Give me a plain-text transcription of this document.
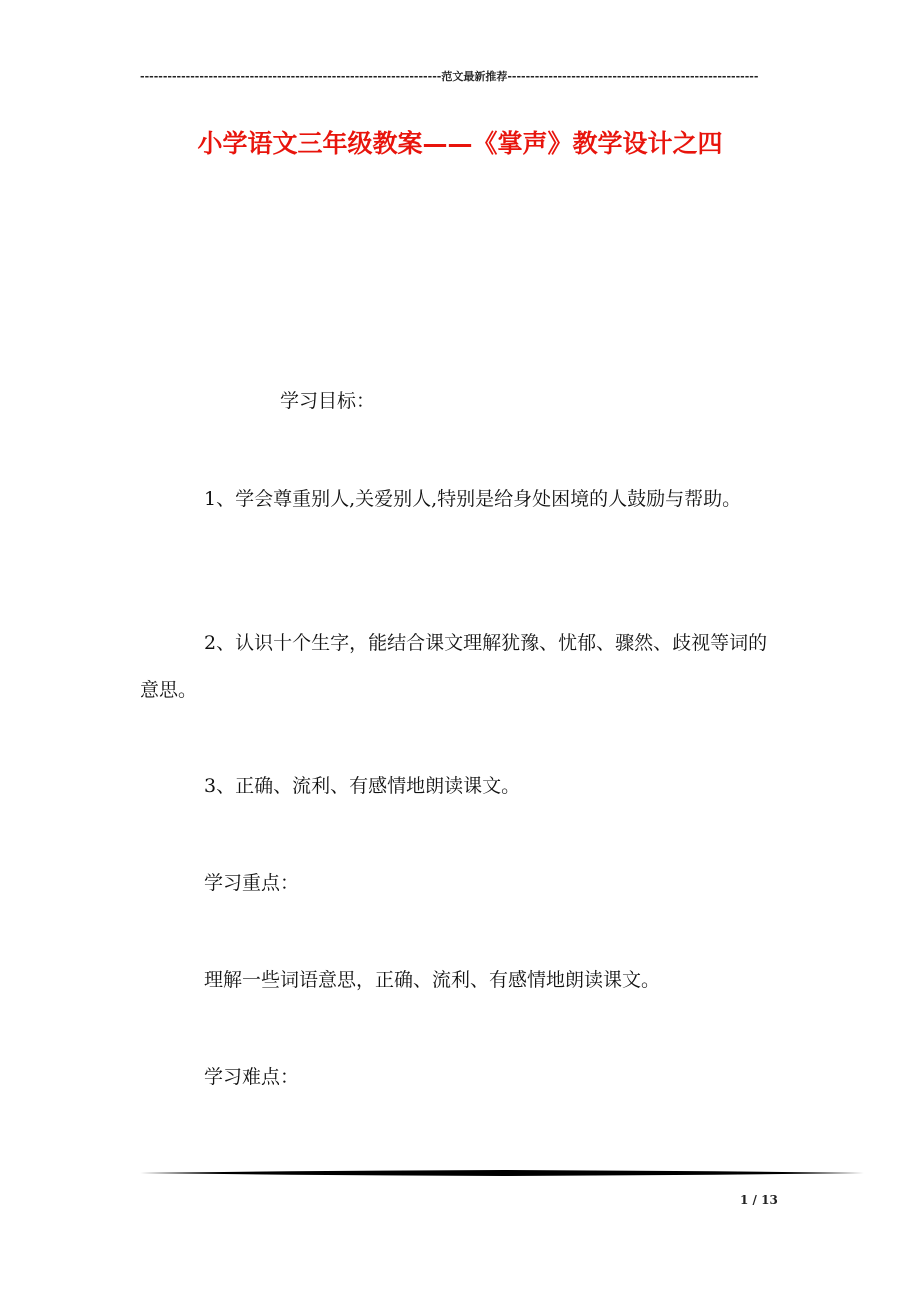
------------------------------------------------------------------范文最新推荐-------------------------------------------------------
小学语文三年级教案——《掌声》教学设计之四
学习目标：
1、学会尊重别人,关爱别人,特别是给身处困境的人鼓励与帮助。
2、认识十个生字，能结合课文理解犹豫、忧郁、骤然、歧视等词的意思。
3、正确、流利、有感情地朗读课文。
学习重点：
理解一些词语意思，正确、流利、有感情地朗读课文。
学习难点：
1 / 13
